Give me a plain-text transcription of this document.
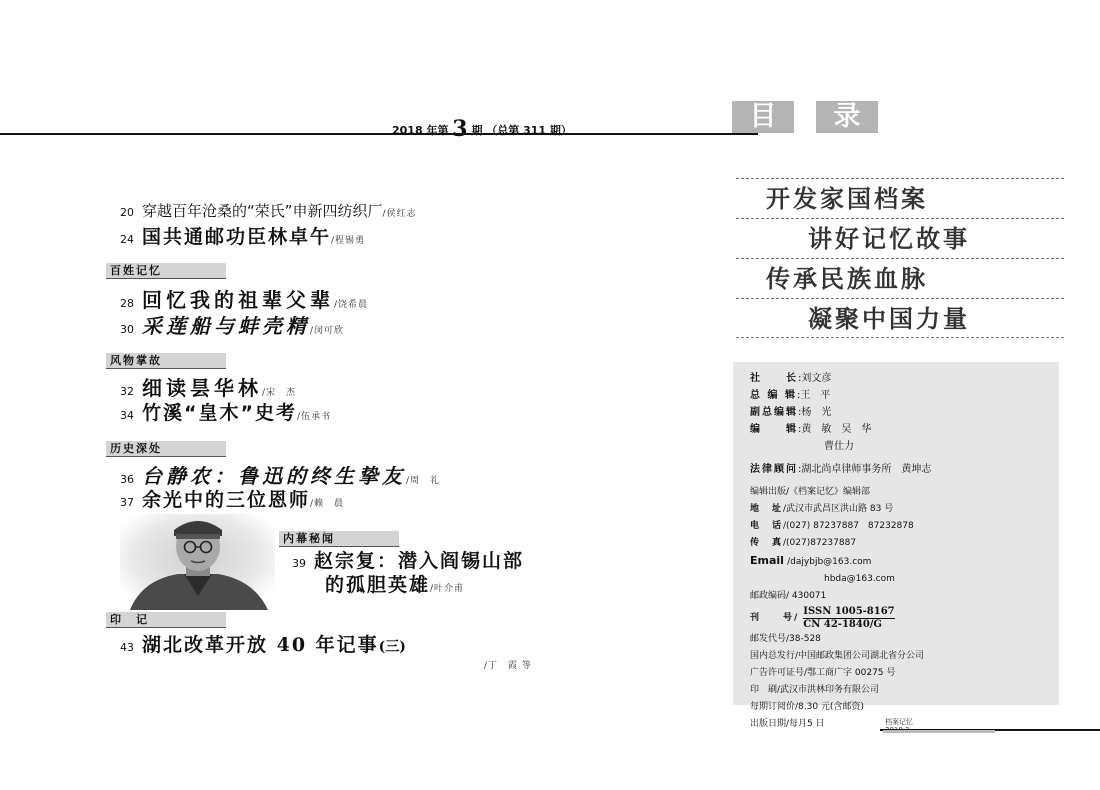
2018 年第 3 期 （总第 311 期）	目	录
开发家国档案
讲好记忆故事
传承民族血脉
凝聚中国力量
20 穿越百年沧桑的“荣氏”申新四纺织厂/侯红志
24 国共通邮功臣林卓午/程锡勇
百姓记忆
28 回忆我的祖辈父辈/饶希晨
30 采莲船与蚌壳精/闵可欣
风物掌故
32 细读昙华林/宋　杰
34 竹溪“皇木”史考/伍承书
历史深处
36 台静农：鲁迅的终生挚友/周　礼
37 余光中的三位恩师/赖　晨
内幕秘闻
39 赵宗复：潜入阎锡山部
的孤胆英雄/叶介甫
印　记
43 湖北改革开放 40 年记事(三)
/丁　霞 等
社　　长:刘文彦
总 编 辑:王　平
副总编辑:杨　光
编　　辑:黄　敏　吴　华
曹仕力
法律顾问:湖北尚卓律师事务所　黄坤志
编辑出版/《档案记忆》编辑部
地　址/武汉市武昌区洪山路 83 号
电　话/(027) 87237887　87232878
传　真/(027)87237887
Email /dajybjb@163.com
hbda@163.com
邮政编码/ 430071
刊　　号/
ISSN 1005-8167
CN 42-1840/G
邮发代号/38-528
国内总发行/中国邮政集团公司湖北省分公司
广告许可证号/鄂工商广字 00275 号
印　刷/武汉市洪林印务有限公司
每期订阅价/8.30 元(含邮资)
出版日期/每月5 日	档案记忆
